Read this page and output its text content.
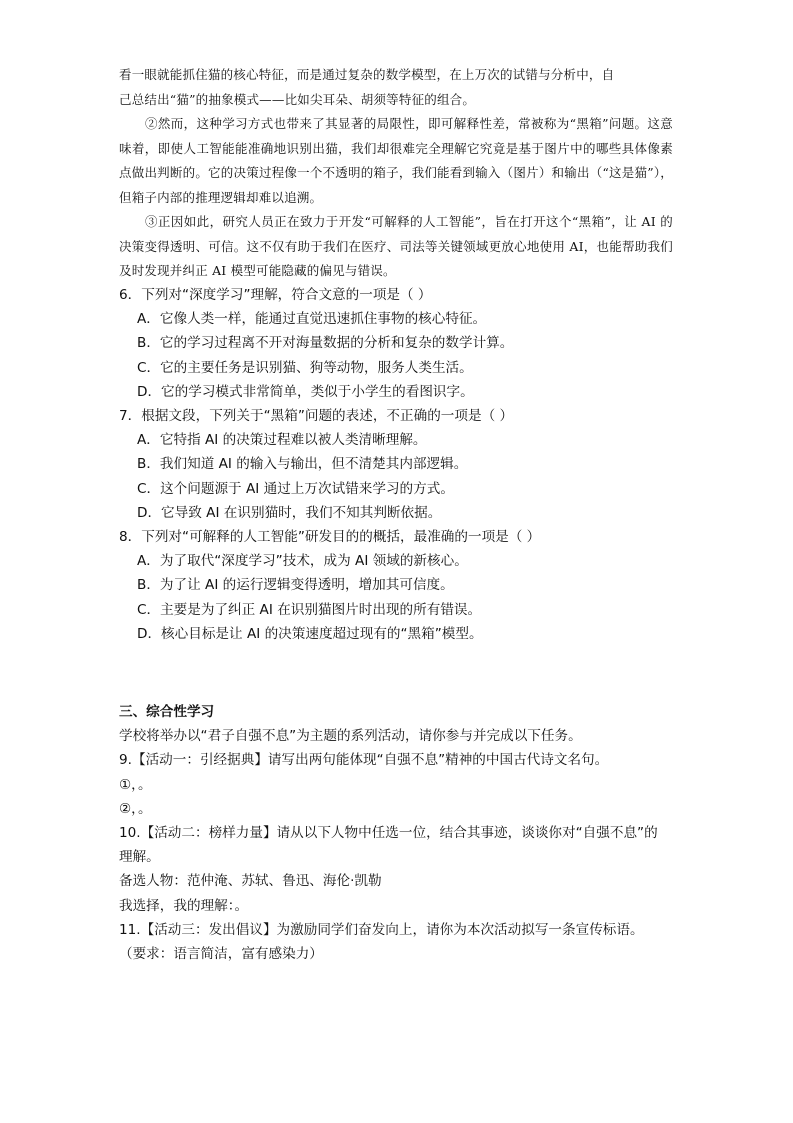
看一眼就能抓住猫的核心特征，而是通过复杂的数学模型，在上万次的试错与分析中，自

己总结出“猫”的抽象模式——比如尖耳朵、胡须等特征的组合。

②然而，这种学习方式也带来了其显著的局限性，即可解释性差，常被称为“黑箱”问题。这意味着，即使人工智能能准确地识别出猫，我们却很难完全理解它究竟是基于图片中的哪些具体像素点做出判断的。它的决策过程像一个不透明的箱子，我们能看到输入（图片）和输出（“这是猫”），但箱子内部的推理逻辑却难以追溯。

③正因如此，研究人员正在致力于开发“可解释的人工智能”，旨在打开这个“黑箱”，让 AI 的决策变得透明、可信。这不仅有助于我们在医疗、司法等关键领域更放心地使用 AI，也能帮助我们及时发现并纠正 AI 模型可能隐藏的偏见与错误。

6．下列对“深度学习”理解，符合文意的一项是（ ）

A．它像人类一样，能通过直觉迅速抓住事物的核心特征。

B．它的学习过程离不开对海量数据的分析和复杂的数学计算。

C．它的主要任务是识别猫、狗等动物，服务人类生活。

D．它的学习模式非常简单，类似于小学生的看图识字。

7．根据文段，下列关于“黑箱”问题的表述，不正确的一项是（ ）

A．它特指 AI 的决策过程难以被人类清晰理解。

B．我们知道 AI 的输入与输出，但不清楚其内部逻辑。

C．这个问题源于 AI 通过上万次试错来学习的方式。

D．它导致 AI 在识别猫时，我们不知其判断依据。

8．下列对“可解释的人工智能”研发目的的概括，最准确的一项是（ ）

A．为了取代“深度学习”技术，成为 AI 领域的新核心。

B．为了让 AI 的运行逻辑变得透明，增加其可信度。

C．主要是为了纠正 AI 在识别猫图片时出现的所有错误。

D．核心目标是让 AI 的决策速度超过现有的“黑箱”模型。

三、综合性学习

学校将举办以“君子自强不息”为主题的系列活动，请你参与并完成以下任务。

9.【活动一：引经据典】请写出两句能体现“自强不息”精神的中国古代诗文名句。

①，。

②，。

10.【活动二：榜样力量】请从以下人物中任选一位，结合其事迹，谈谈你对“自强不息”的

理解。

备选人物：范仲淹、苏轼、鲁迅、海伦·凯勒

我选择，我的理解：。

11.【活动三：发出倡议】为激励同学们奋发向上，请你为本次活动拟写一条宣传标语。

（要求：语言简洁，富有感染力）
